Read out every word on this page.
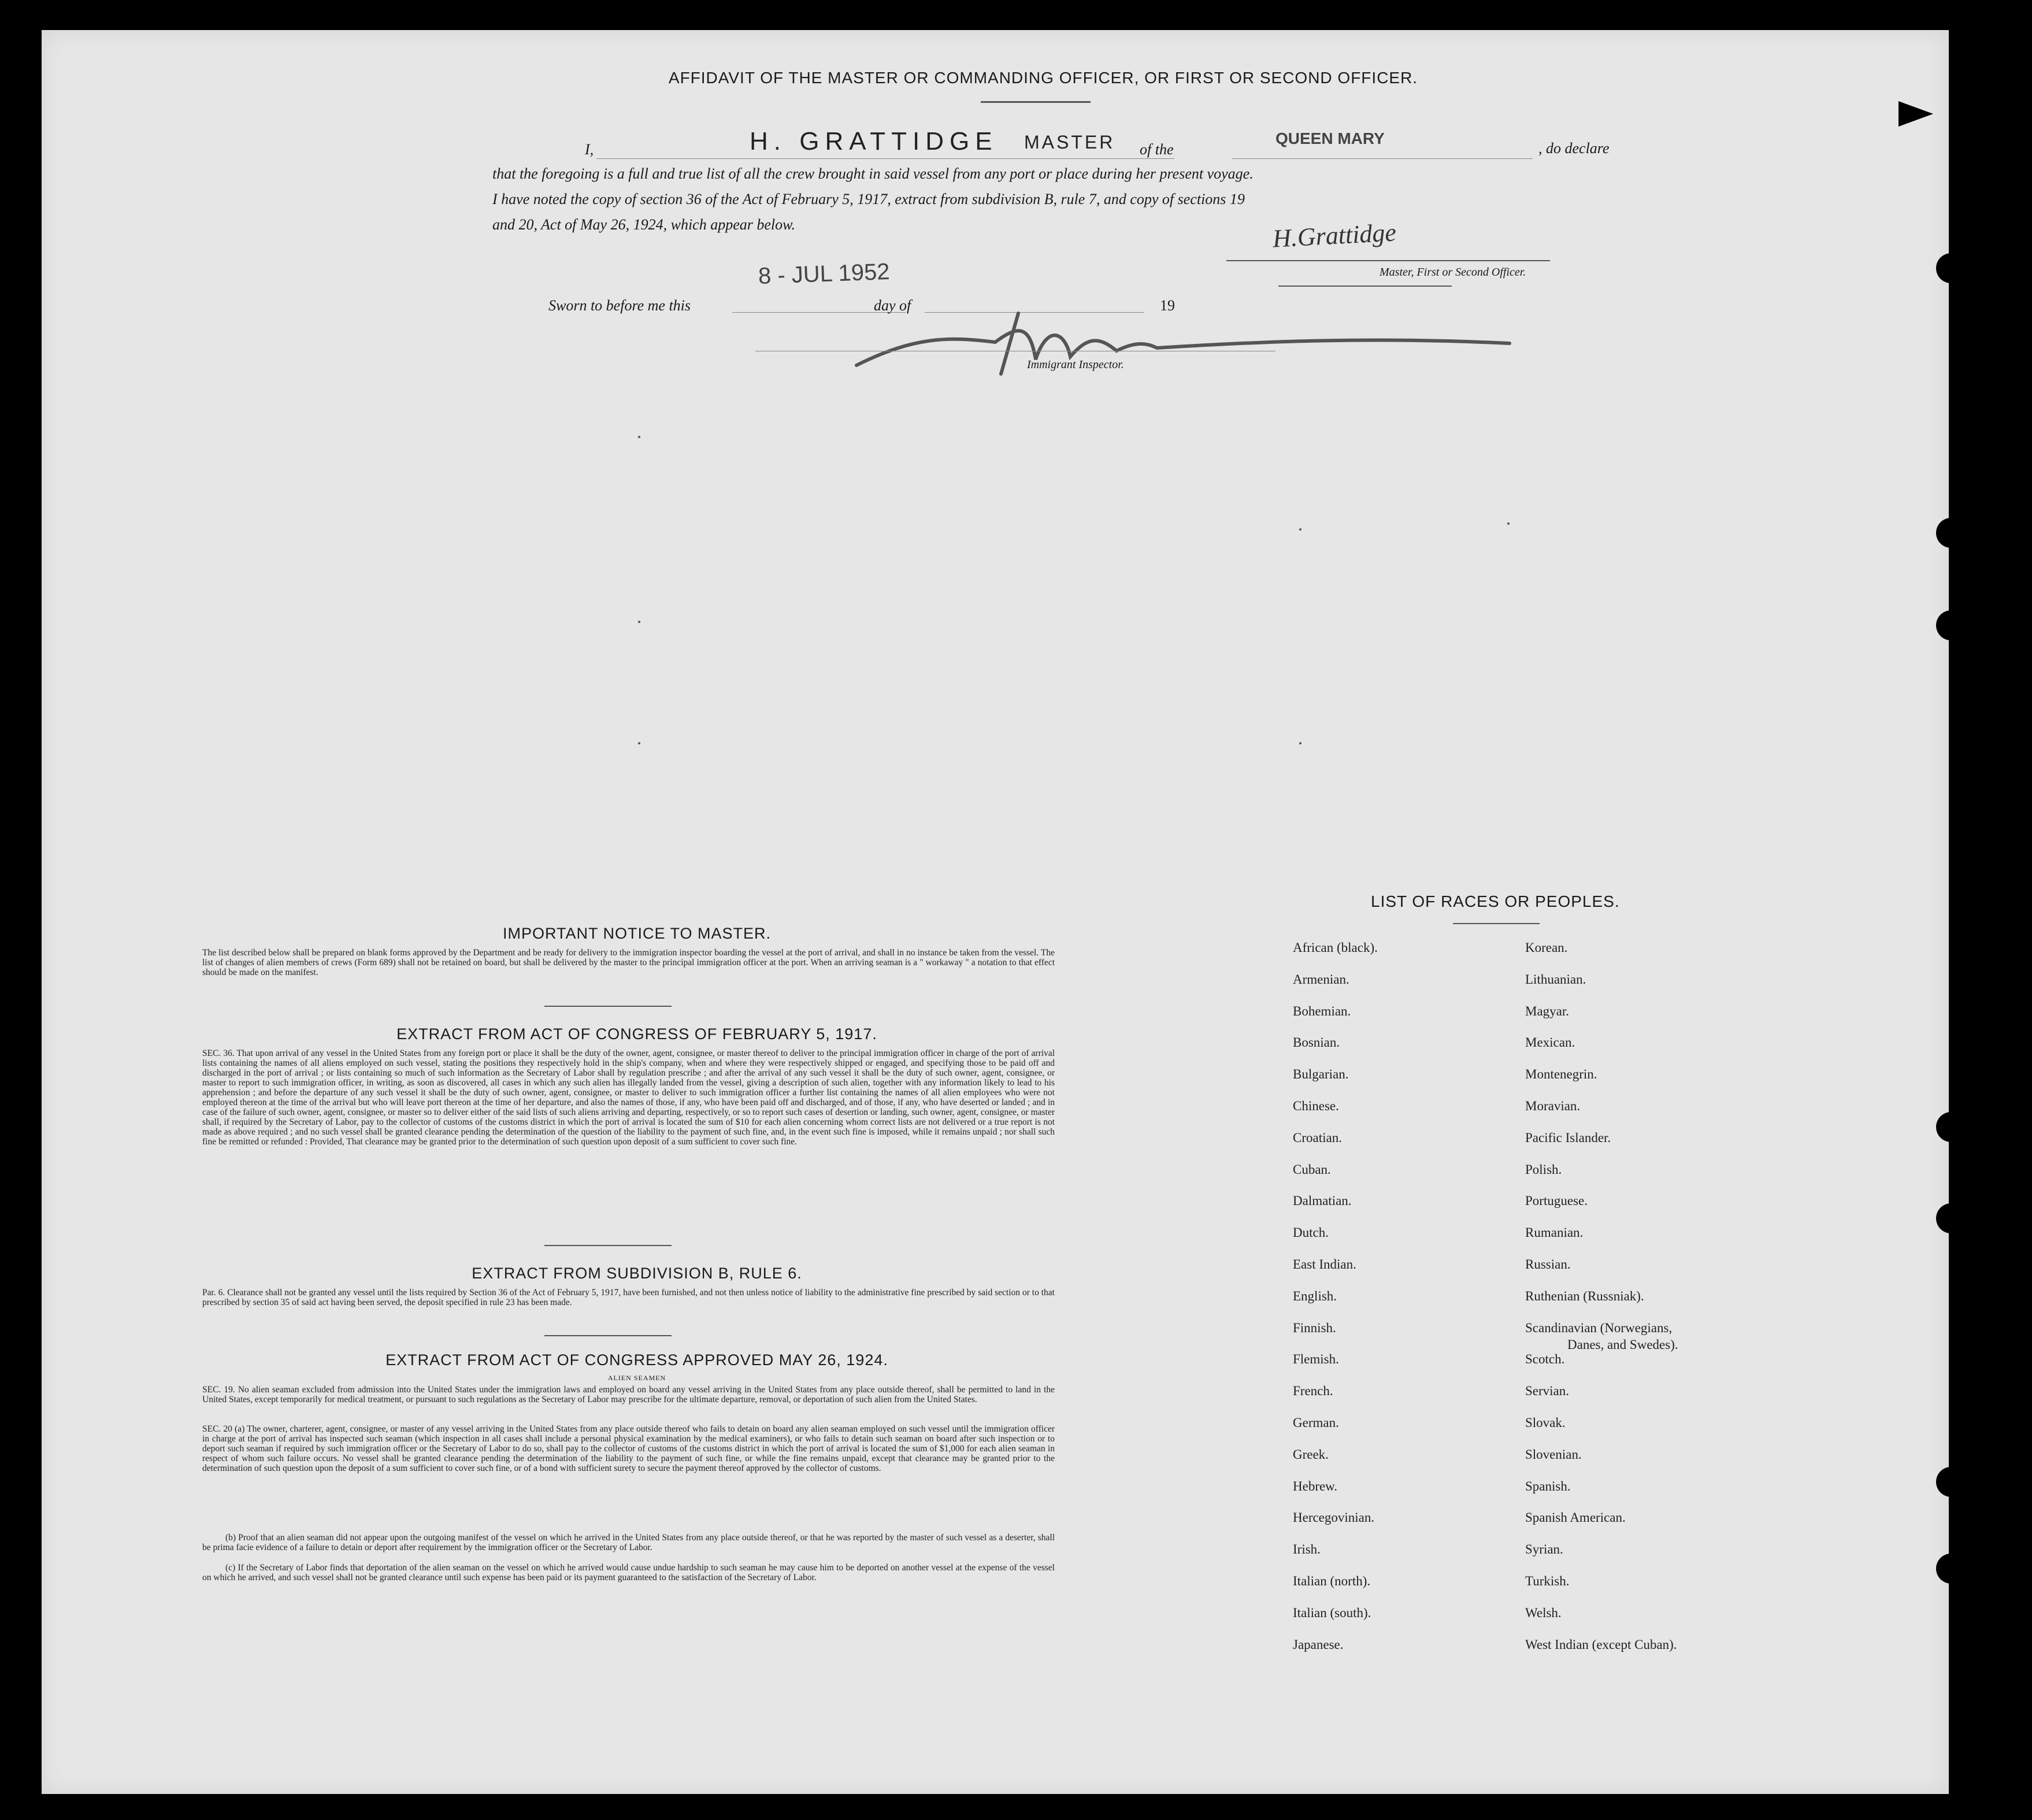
AFFIDAVIT OF THE MASTER OR COMMANDING OFFICER, OR FIRST OR SECOND OFFICER.
I,	H. GRATTIDGE MASTER of the
QUEEN MARY
, do declare
that the foregoing is a full and true list of all the crew brought in said vessel from any port or place during her present voyage.
I have noted the copy of section 36 of the Act of February 5, 1917, extract from subdivision B, rule 7, and copy of sections 19
and 20, Act of May 26, 1924, which appear below.	H.Grattidge
Master, First or Second Officer.
8 - JUL 1952
Sworn to before me this	day of	19
Immigrant Inspector.
IMPORTANT NOTICE TO MASTER.
The list described below shall be prepared on blank forms approved by the Department and be ready for delivery to the immigration inspector boarding the vessel at the port of arrival, and shall in no instance be taken from the vessel. The list of changes of alien members of crews (Form 689) shall not be retained on board, but shall be delivered by the master to the principal immigration officer at the port. When an arriving seaman is a " workaway " a notation to that effect should be made on the manifest.
EXTRACT FROM ACT OF CONGRESS OF FEBRUARY 5, 1917.
SEC. 36. That upon arrival of any vessel in the United States from any foreign port or place it shall be the duty of the owner, agent, consignee, or master thereof to deliver to the principal immigration officer in charge of the port of arrival lists containing the names of all aliens employed on such vessel, stating the positions they respectively hold in the ship's company, when and where they were respectively shipped or engaged, and specifying those to be paid off and discharged in the port of arrival ; or lists containing so much of such information as the Secretary of Labor shall by regulation prescribe ; and after the arrival of any such vessel it shall be the duty of such owner, agent, consignee, or master to report to such immigration officer, in writing, as soon as discovered, all cases in which any such alien has illegally landed from the vessel, giving a description of such alien, together with any information likely to lead to his apprehension ; and before the departure of any such vessel it shall be the duty of such owner, agent, consignee, or master to deliver to such immigration officer a further list containing the names of all alien employees who were not employed thereon at the time of the arrival but who will leave port thereon at the time of her departure, and also the names of those, if any, who have been paid off and discharged, and of those, if any, who have deserted or landed ; and in case of the failure of such owner, agent, consignee, or master so to deliver either of the said lists of such aliens arriving and departing, respectively, or so to report such cases of desertion or landing, such owner, agent, consignee, or master shall, if required by the Secretary of Labor, pay to the collector of customs of the customs district in which the port of arrival is located the sum of $10 for each alien concerning whom correct lists are not delivered or a true report is not made as above required ; and no such vessel shall be granted clearance pending the determination of the question of the liability to the payment of such fine, and, in the event such fine is imposed, while it remains unpaid ; nor shall such fine be remitted or refunded : Provided, That clearance may be granted prior to the determination of such question upon deposit of a sum sufficient to cover such fine.
EXTRACT FROM SUBDIVISION B, RULE 6.
Par. 6. Clearance shall not be granted any vessel until the lists required by Section 36 of the Act of February 5, 1917, have been furnished, and not then unless notice of liability to the administrative fine prescribed by said section or to that prescribed by section 35 of said act having been served, the deposit specified in rule 23 has been made.
EXTRACT FROM ACT OF CONGRESS APPROVED MAY 26, 1924.
ALIEN SEAMEN
SEC. 19. No alien seaman excluded from admission into the United States under the immigration laws and employed on board any vessel arriving in the United States from any place outside thereof, shall be permitted to land in the United States, except temporarily for medical treatment, or pursuant to such regulations as the Secretary of Labor may prescribe for the ultimate departure, removal, or deportation of such alien from the United States.
SEC. 20 (a) The owner, charterer, agent, consignee, or master of any vessel arriving in the United States from any place outside thereof who fails to detain on board any alien seaman employed on such vessel until the immigration officer in charge at the port of arrival has inspected such seaman (which inspection in all cases shall include a personal physical examination by the medical examiners), or who fails to detain such seaman on board after such inspection or to deport such seaman if required by such immigration officer or the Secretary of Labor to do so, shall pay to the collector of customs of the customs district in which the port of arrival is located the sum of $1,000 for each alien seaman in respect of whom such failure occurs. No vessel shall be granted clearance pending the determination of the liability to the payment of such fine, or while the fine remains unpaid, except that clearance may be granted prior to the determination of such question upon the deposit of a sum sufficient to cover such fine, or of a bond with sufficient surety to secure the payment thereof approved by the collector of customs.
(b) Proof that an alien seaman did not appear upon the outgoing manifest of the vessel on which he arrived in the United States from any place outside thereof, or that he was reported by the master of such vessel as a deserter, shall be prima facie evidence of a failure to detain or deport after requirement by the immigration officer or the Secretary of Labor.
(c) If the Secretary of Labor finds that deportation of the alien seaman on the vessel on which he arrived would cause undue hardship to such seaman he may cause him to be deported on another vessel at the expense of the vessel on which he arrived, and such vessel shall not be granted clearance until such expense has been paid or its payment guaranteed to the satisfaction of the Secretary of Labor.
LIST OF RACES OR PEOPLES.
African (black).
Armenian.
Bohemian.
Bosnian.
Bulgarian.
Chinese.
Croatian.
Cuban.
Dalmatian.
Dutch.
East Indian.
English.
Finnish.
Flemish.
French.
German.
Greek.
Hebrew.
Hercegovinian.
Irish.
Italian (north).
Italian (south).
Japanese.
Korean.
Lithuanian.
Magyar.
Mexican.
Montenegrin.
Moravian.
Pacific Islander.
Polish.
Portuguese.
Rumanian.
Russian.
Ruthenian (Russniak).
Scandinavian (Norwegians,
Scotch.
Servian.
Slovak.
Slovenian.
Spanish.
Spanish American.
Syrian.
Turkish.
Welsh.
West Indian (except Cuban).
Danes, and Swedes).
